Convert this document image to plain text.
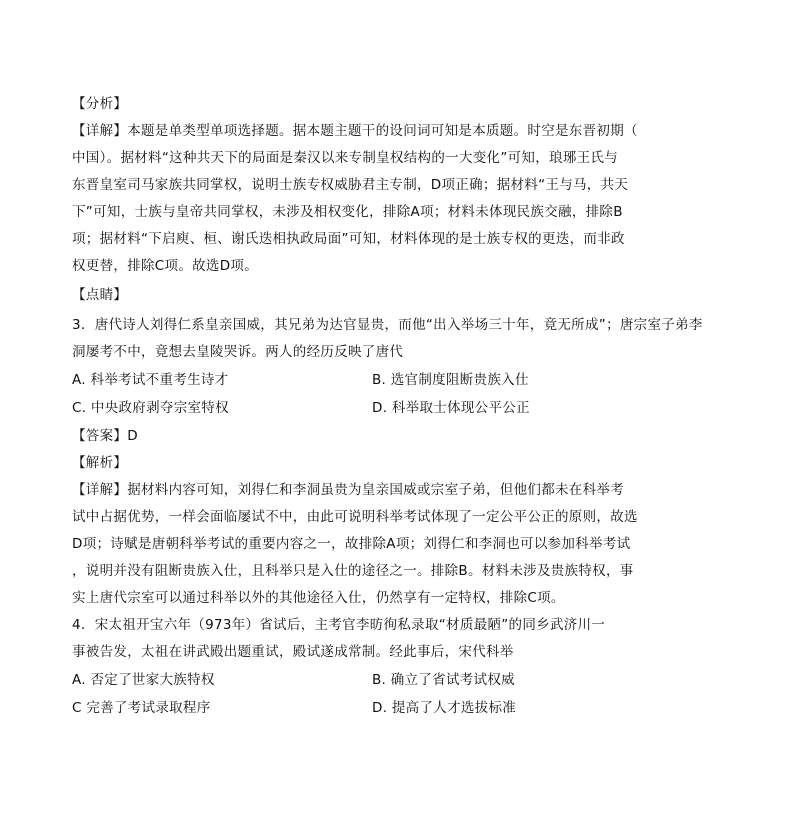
【分析】
【详解】本题是单类型单项选择题。据本题主题干的设问词可知是本质题。时空是东晋初期（
中国）。据材料“这种共天下的局面是秦汉以来专制皇权结构的一大变化”可知，琅琊王氏与
东晋皇室司马家族共同掌权，说明士族专权威胁君主专制，D项正确；据材料“王与马，共天
下”可知，士族与皇帝共同掌权，未涉及相权变化，排除A项；材料未体现民族交融，排除B
项；据材料“下启庾、桓、谢氏迭相执政局面”可知，材料体现的是士族专权的更迭，而非政
权更替，排除C项。故选D项。
【点睛】
3．唐代诗人刘得仁系皇亲国威，其兄弟为达官显贵，而他“出入举场三十年，竟无所成”；唐宗室子弟李
洞屡考不中，竟想去皇陵哭诉。两人的经历反映了唐代
A. 科举考试不重考生诗才	B. 选官制度阻断贵族入仕
C. 中央政府剥夺宗室特权	D. 科举取士体现公平公正
【答案】D
【解析】
【详解】据材料内容可知，刘得仁和李洞虽贵为皇亲国威或宗室子弟，但他们都未在科举考
试中占据优势，一样会面临屡试不中，由此可说明科举考试体现了一定公平公正的原则，故选
D项；诗赋是唐朝科举考试的重要内容之一，故排除A项；刘得仁和李洞也可以参加科举考试
，说明并没有阻断贵族入仕，且科举只是入仕的途径之一。排除B。材料未涉及贵族特权，事
实上唐代宗室可以通过科举以外的其他途径入仕，仍然享有一定特权，排除C项。
4．宋太祖开宝六年（973年）省试后，主考官李昉徇私录取“材质最陋”的同乡武济川一
事被告发，太祖在讲武殿出题重试，殿试遂成常制。经此事后，宋代科举
A. 否定了世家大族特权	B. 确立了省试考试权威
C 完善了考试录取程序	D. 提高了人才选拔标准
